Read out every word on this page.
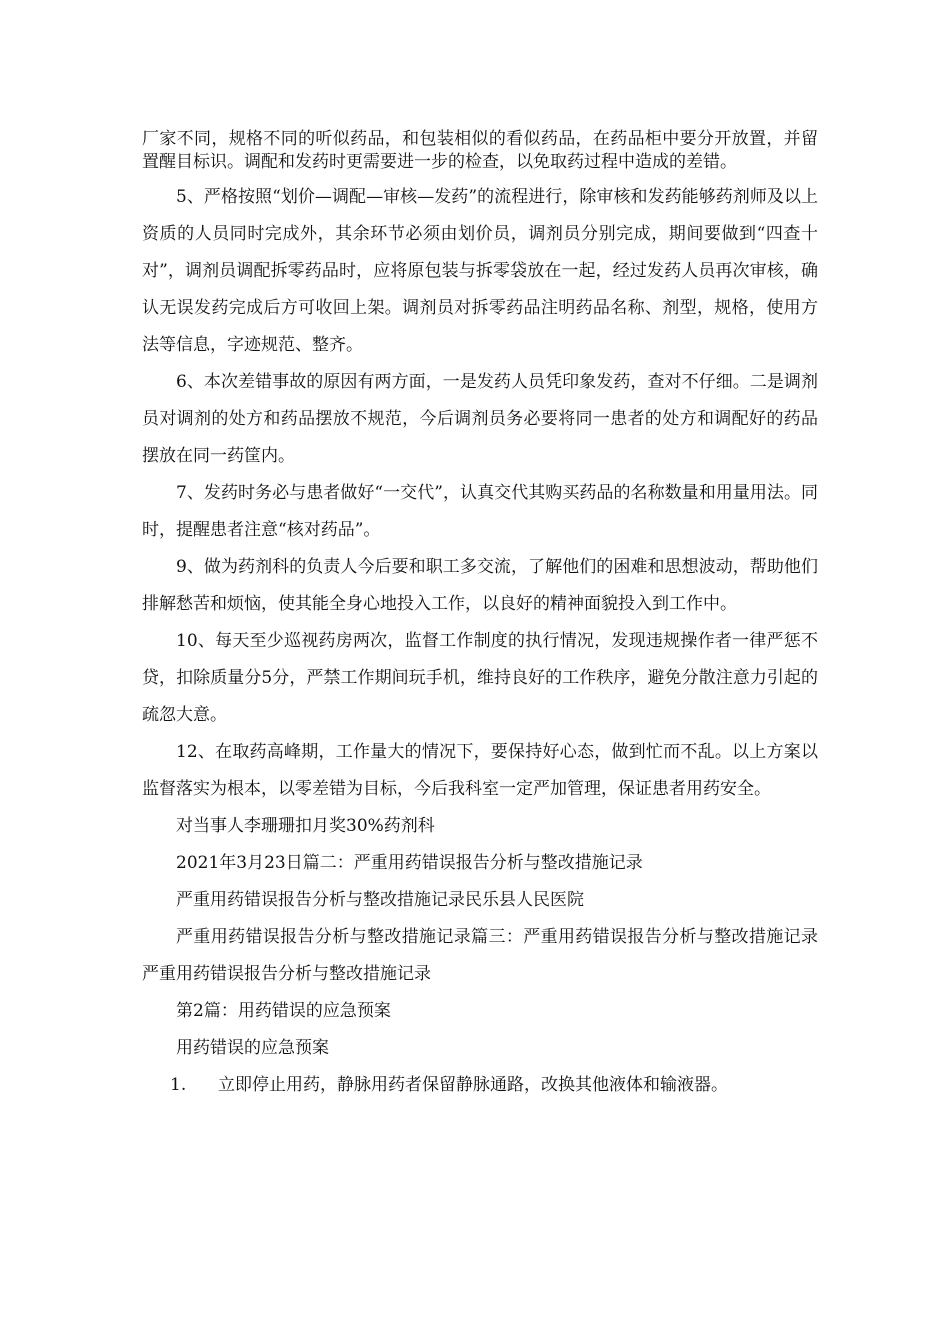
厂家不同，规格不同的听似药品，和包装相似的看似药品，在药品柜中要分开放置，并留置醒目标识。调配和发药时更需要进一步的检查，以免取药过程中造成的差错。

5、严格按照“划价—调配—审核—发药”的流程进行，除审核和发药能够药剂师及以上资质的人员同时完成外，其余环节必须由划价员，调剂员分别完成，期间要做到“四查十对”，调剂员调配拆零药品时，应将原包装与拆零袋放在一起，经过发药人员再次审核，确认无误发药完成后方可收回上架。调剂员对拆零药品注明药品名称、剂型，规格，使用方法等信息，字迹规范、整齐。

6、本次差错事故的原因有两方面，一是发药人员凭印象发药，查对不仔细。二是调剂员对调剂的处方和药品摆放不规范，今后调剂员务必要将同一患者的处方和调配好的药品摆放在同一药筐内。

7、发药时务必与患者做好“一交代”，认真交代其购买药品的名称数量和用量用法。同时，提醒患者注意“核对药品”。

9、做为药剂科的负责人今后要和职工多交流，了解他们的困难和思想波动，帮助他们排解愁苦和烦恼，使其能全身心地投入工作，以良好的精神面貌投入到工作中。

10、每天至少巡视药房两次，监督工作制度的执行情况，发现违规操作者一律严惩不贷，扣除质量分5分，严禁工作期间玩手机，维持良好的工作秩序，避免分散注意力引起的疏忽大意。

12、在取药高峰期，工作量大的情况下，要保持好心态，做到忙而不乱。以上方案以监督落实为根本，以零差错为目标，今后我科室一定严加管理，保证患者用药安全。

对当事人李珊珊扣月奖30%药剂科

2021年3月23日篇二：严重用药错误报告分析与整改措施记录

严重用药错误报告分析与整改措施记录民乐县人民医院

严重用药错误报告分析与整改措施记录篇三：严重用药错误报告分析与整改措施记录严重用药错误报告分析与整改措施记录

第2篇：用药错误的应急预案

用药错误的应急预案

1. 立即停止用药，静脉用药者保留静脉通路，改换其他液体和输液器。
